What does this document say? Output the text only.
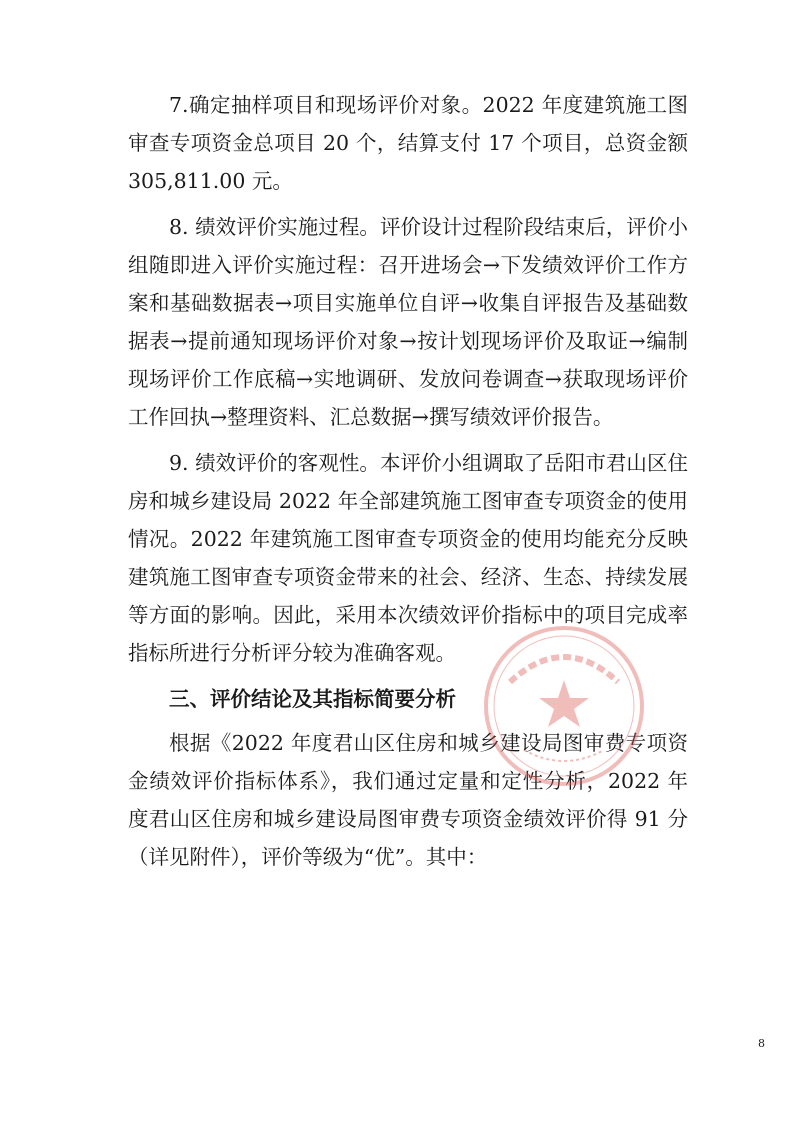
7.确定抽样项目和现场评价对象。2022 年度建筑施工图审查专项资金总项目 20 个，结算支付 17 个项目，总资金额 305,811.00 元。

8. 绩效评价实施过程。评价设计过程阶段结束后，评价小组随即进入评价实施过程：召开进场会→下发绩效评价工作方案和基础数据表→项目实施单位自评→收集自评报告及基础数据表→提前通知现场评价对象→按计划现场评价及取证→编制现场评价工作底稿→实地调研、发放问卷调查→获取现场评价工作回执→整理资料、汇总数据→撰写绩效评价报告。

9. 绩效评价的客观性。本评价小组调取了岳阳市君山区住房和城乡建设局 2022 年全部建筑施工图审查专项资金的使用情况。2022 年建筑施工图审查专项资金的使用均能充分反映建筑施工图审查专项资金带来的社会、经济、生态、持续发展等方面的影响。因此，采用本次绩效评价指标中的项目完成率指标所进行分析评分较为准确客观。

三、评价结论及其指标简要分析

根据《2022 年度君山区住房和城乡建设局图审费专项资金绩效评价指标体系》，我们通过定量和定性分析，2022 年度君山区住房和城乡建设局图审费专项资金绩效评价得 91 分（详见附件），评价等级为“优”。其中：

8
